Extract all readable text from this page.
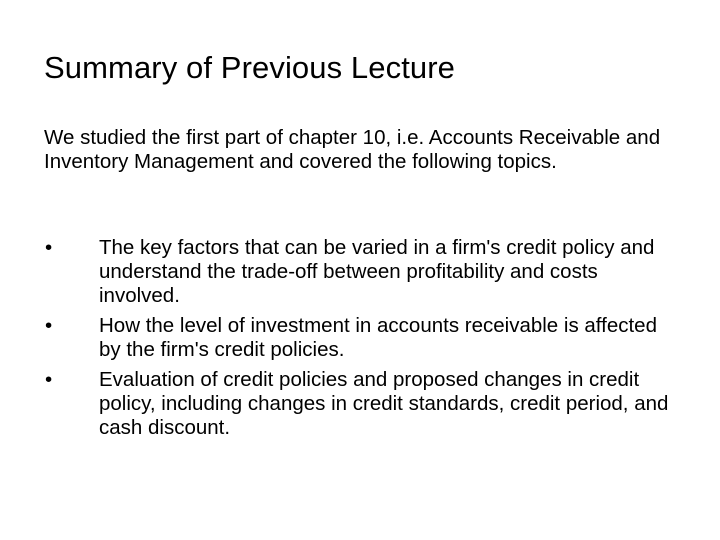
Summary of Previous Lecture
We studied the first part of chapter 10, i.e. Accounts Receivable and Inventory Management and covered the following topics.
• The key factors that can be varied in a firm's credit policy and understand the trade-off between profitability and costs involved.
• How the level of investment in accounts receivable is affected by the firm's credit policies.
• Evaluation of credit policies and proposed changes in credit policy, including changes in credit standards, credit period, and cash discount.
